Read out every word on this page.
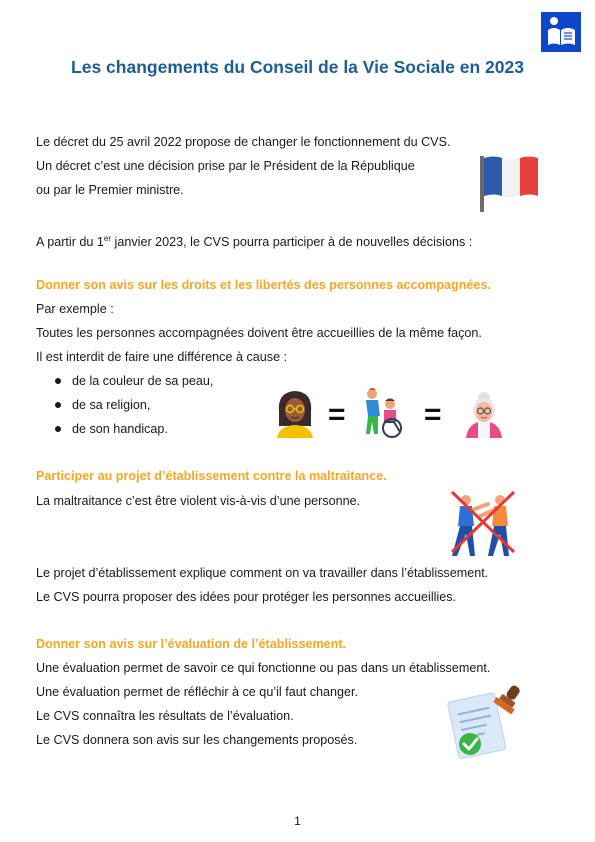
Les changements du Conseil de la Vie Sociale en 2023
Le décret du 25 avril 2022 propose de changer le fonctionnement du CVS.
Un décret c’est une décision prise par le Président de la République
ou par le Premier ministre.
A partir du 1er janvier 2023, le CVS pourra participer à de nouvelles décisions :
Donner son avis sur les droits et les libertés des personnes accompagnées.
Par exemple :
Toutes les personnes accompagnées doivent être accueillies de la même façon.
Il est interdit de faire une différence à cause :
de la couleur de sa peau,
de sa religion,
de son handicap.	=	=
Participer au projet d’établissement contre la maltraitance.
La maltraitance c’est être violent vis-à-vis d’une personne.
Le projet d’établissement explique comment on va travailler dans l’établissement.
Le CVS pourra proposer des idées pour protéger les personnes accueillies.
Donner son avis sur l’évaluation de l’établissement.
Une évaluation permet de savoir ce qui fonctionne ou pas dans un établissement.
Une évaluation permet de réfléchir à ce qu’il faut changer.
Le CVS connaîtra les résultats de l’évaluation.
Le CVS donnera son avis sur les changements proposés.
1
